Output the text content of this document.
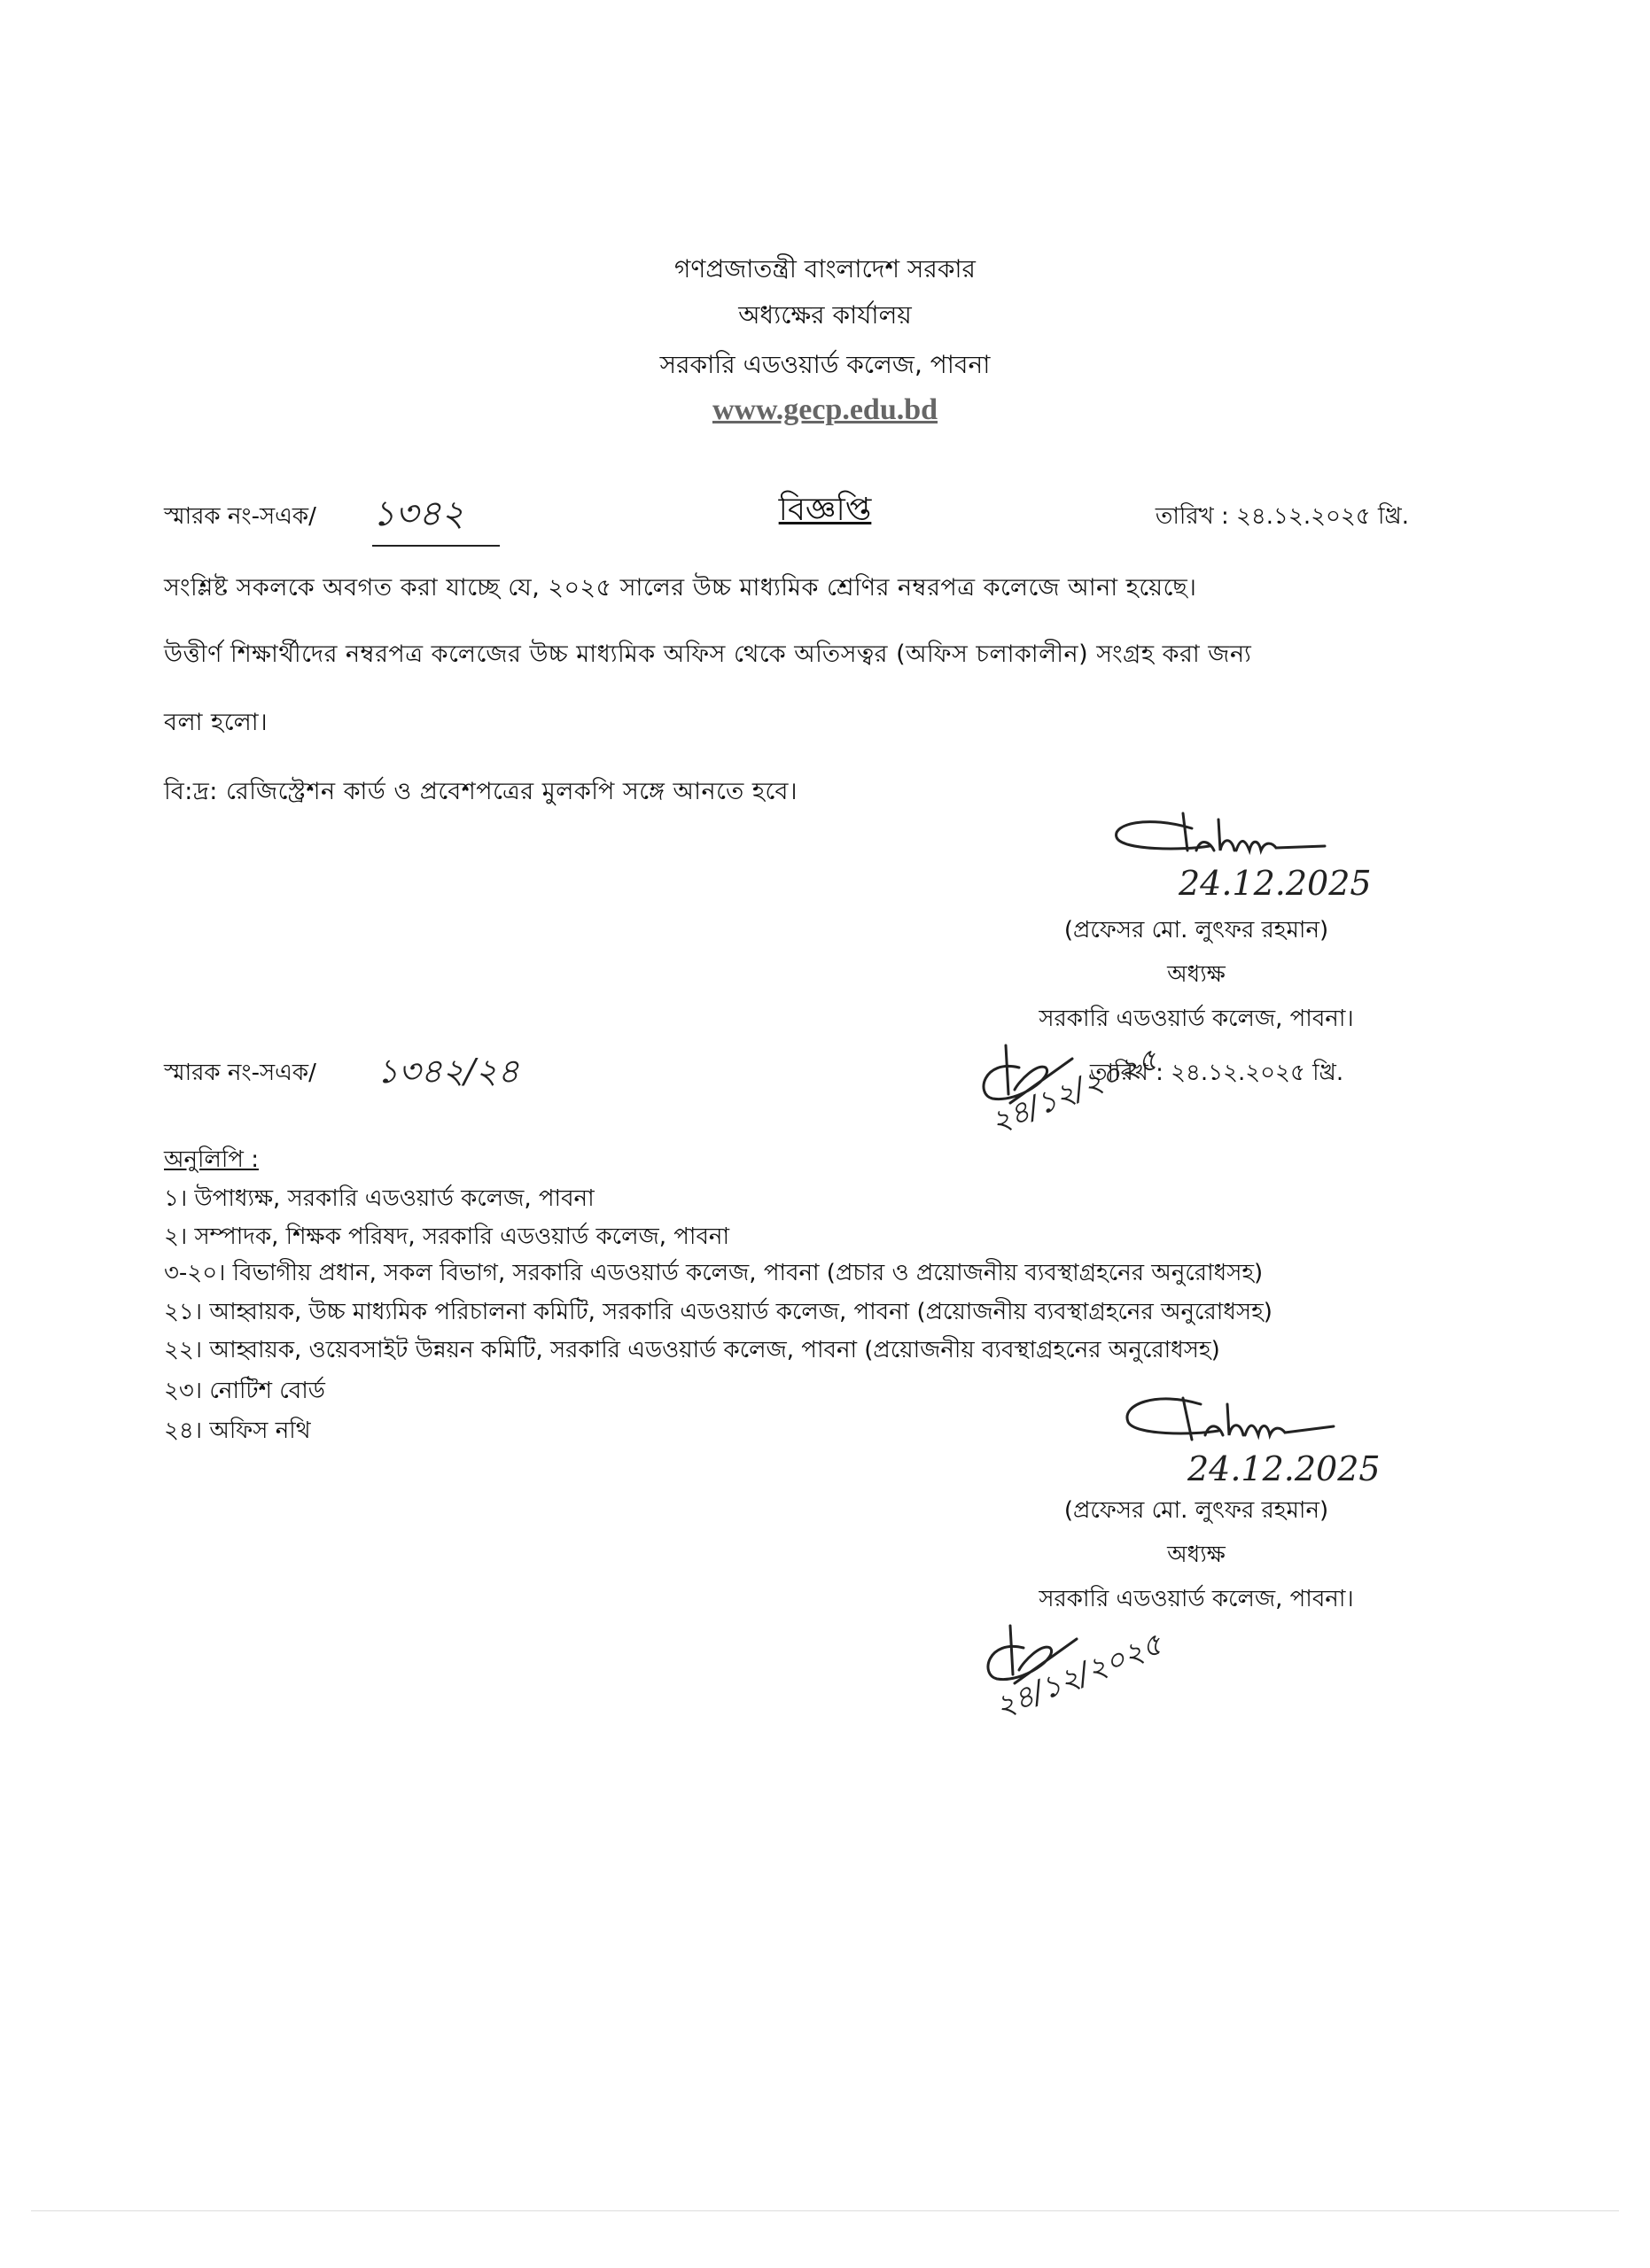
গণপ্রজাতন্ত্রী বাংলাদেশ সরকার
অধ্যক্ষের কার্যালয়
সরকারি এডওয়ার্ড কলেজ, পাবনা
www.gecp.edu.bd
স্মারক নং-সএক/ ১৩৪২	বিজ্ঞপ্তি	তারিখ : ২৪.১২.২০২৫ খ্রি.
সংশ্লিষ্ট সকলকে অবগত করা যাচ্ছে যে, ২০২৫ সালের উচ্চ মাধ্যমিক শ্রেণির নম্বরপত্র কলেজে আনা হয়েছে।
উত্তীর্ণ শিক্ষার্থীদের নম্বরপত্র কলেজের উচ্চ মাধ্যমিক অফিস থেকে অতিসত্বর (অফিস চলাকালীন) সংগ্রহ করা জন্য
বলা হলো।
বি:দ্র: রেজিস্ট্রেশন কার্ড ও প্রবেশপত্রের মুলকপি সঙ্গে আনতে হবে।
24.12.2025
(প্রফেসর মো. লুৎফর রহমান)
অধ্যক্ষ
সরকারি এডওয়ার্ড কলেজ, পাবনা।
স্মারক নং-সএক/ ১৩৪২/২৪	২৪/১২/২০২৫
তারিখ : ২৪.১২.২০২৫ খ্রি.
অনুলিপি :
১। উপাধ্যক্ষ, সরকারি এডওয়ার্ড কলেজ, পাবনা
২। সম্পাদক, শিক্ষক পরিষদ, সরকারি এডওয়ার্ড কলেজ, পাবনা
৩-২০। বিভাগীয় প্রধান, সকল বিভাগ, সরকারি এডওয়ার্ড কলেজ, পাবনা (প্রচার ও প্রয়োজনীয় ব্যবস্থাগ্রহনের অনুরোধসহ)
২১। আহ্বায়ক, উচ্চ মাধ্যমিক পরিচালনা কমিটি, সরকারি এডওয়ার্ড কলেজ, পাবনা (প্রয়োজনীয় ব্যবস্থাগ্রহনের অনুরোধসহ)
২২। আহ্বায়ক, ওয়েবসাইট উন্নয়ন কমিটি, সরকারি এডওয়ার্ড কলেজ, পাবনা (প্রয়োজনীয় ব্যবস্থাগ্রহনের অনুরোধসহ)
২৩। নোটিশ বোর্ড
২৪। অফিস নথি
24.12.2025
(প্রফেসর মো. লুৎফর রহমান)
অধ্যক্ষ
সরকারি এডওয়ার্ড কলেজ, পাবনা।
২৪/১২/২০২৫
